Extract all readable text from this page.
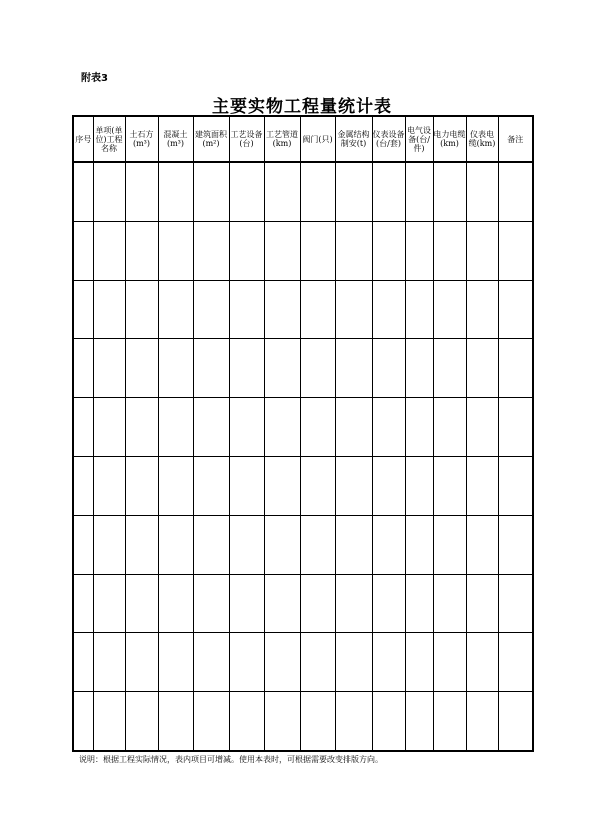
附表3
主要实物工程量统计表
序号	单项(单位)工程名称	土石方(m³)	混凝土(m³)	建筑面积(m²)	工艺设备(台)	工艺管道(km)	阀门(只)	金属结构制安(t)	仪表设备(台/套)	电气设备(台/件)	电力电缆(km)	仪表电缆(km)	备注

说明：根据工程实际情况，表内项目可增减。使用本表时，可根据需要改变排版方向。
